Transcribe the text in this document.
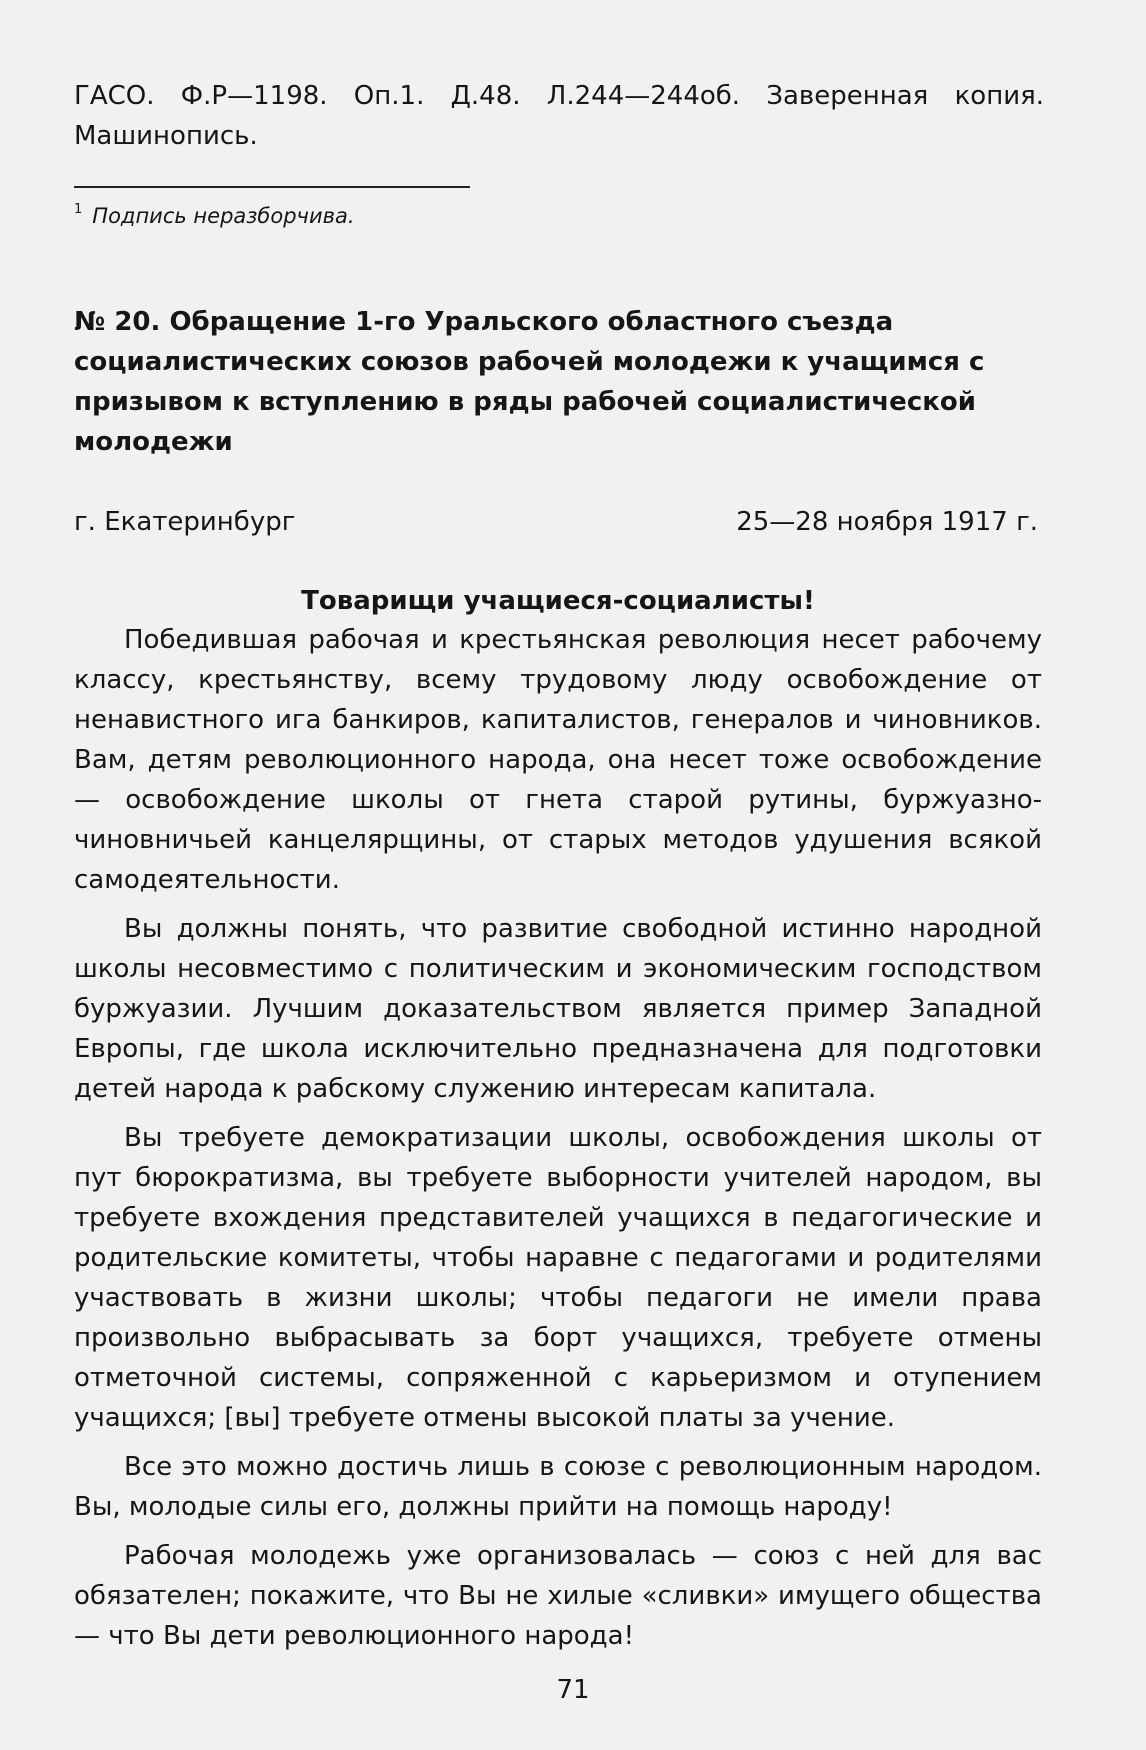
ГАСО. Ф.Р—1198. Оп.1. Д.48. Л.244—244об. Заверенная копия. Машинопись.

$^1$ Подпись неразборчива.

№ 20. Обращение 1-го Уральского областного съезда социалистических союзов рабочей молодежи к учащимся с призывом к вступлению в ряды рабочей социалистической молодежи

г. Екатеринбург	25—28 ноября 1917 г.

Товарищи учащиеся-социалисты!

Победившая рабочая и крестьянская революция несет рабочему классу, крестьянству, всему трудовому люду освобождение от ненавистного ига банкиров, капиталистов, генералов и чиновников. Вам, детям революционного народа, она несет тоже освобождение — освобождение школы от гнета старой рутины, буржуазно-чиновничьей канцелярщины, от старых методов удушения всякой самодеятельности.

Вы должны понять, что развитие свободной истинно народной школы несовместимо с политическим и экономическим господством буржуазии. Лучшим доказательством является пример Западной Европы, где школа исключительно предназначена для подготовки детей народа к рабскому служению интересам капитала.

Вы требуете демократизации школы, освобождения школы от пут бюрократизма, вы требуете выборности учителей народом, вы требуете вхождения представителей учащихся в педагогические и родительские комитеты, чтобы наравне с педагогами и родителями участвовать в жизни школы; чтобы педагоги не имели права произвольно выбрасывать за борт учащихся, требуете отмены отметочной системы, сопряженной с карьеризмом и отупением учащихся; [вы] требуете отмены высокой платы за учение.

Все это можно достичь лишь в союзе с революционным народом. Вы, молодые силы его, должны прийти на помощь народу!

Рабочая молодежь уже организовалась — союз с ней для вас обязателен; покажите, что Вы не хилые «сливки» имущего общества — что Вы дети революционного народа!

71
